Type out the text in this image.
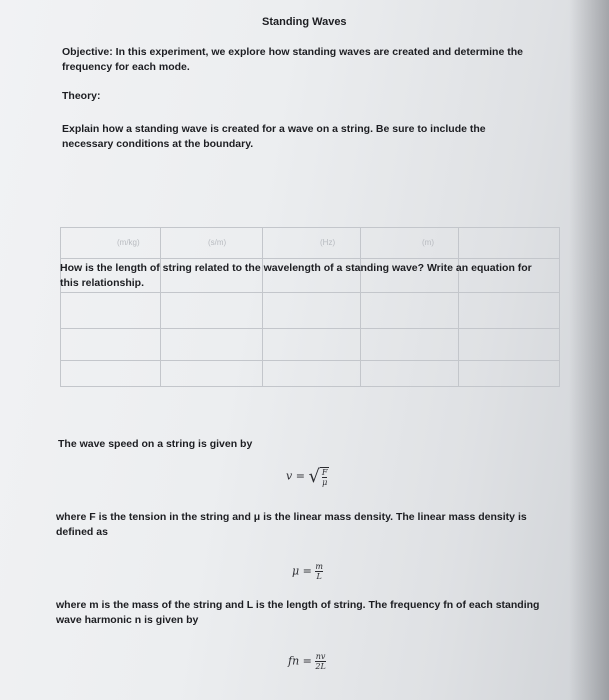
(m/kg)	(s/m)	(Hz)	(m)
Standing Waves
Objective: In this experiment, we explore how standing waves are created and determine the frequency for each mode.
Theory:
Explain how a standing wave is created for a wave on a string. Be sure to include the necessary conditions at the boundary.
How is the length of string related to the wavelength of a standing wave? Write an equation for this relationship.
The wave speed on a string is given by
v = √ $\frac{F}{\mu}$
where F is the tension in the string and μ is the linear mass density. The linear mass density is defined as
$\mu = \frac{m}{L}$
where m is the mass of the string and L is the length of string. The frequency fn of each standing wave harmonic n is given by
fn = $\frac{nv}{2L}$
